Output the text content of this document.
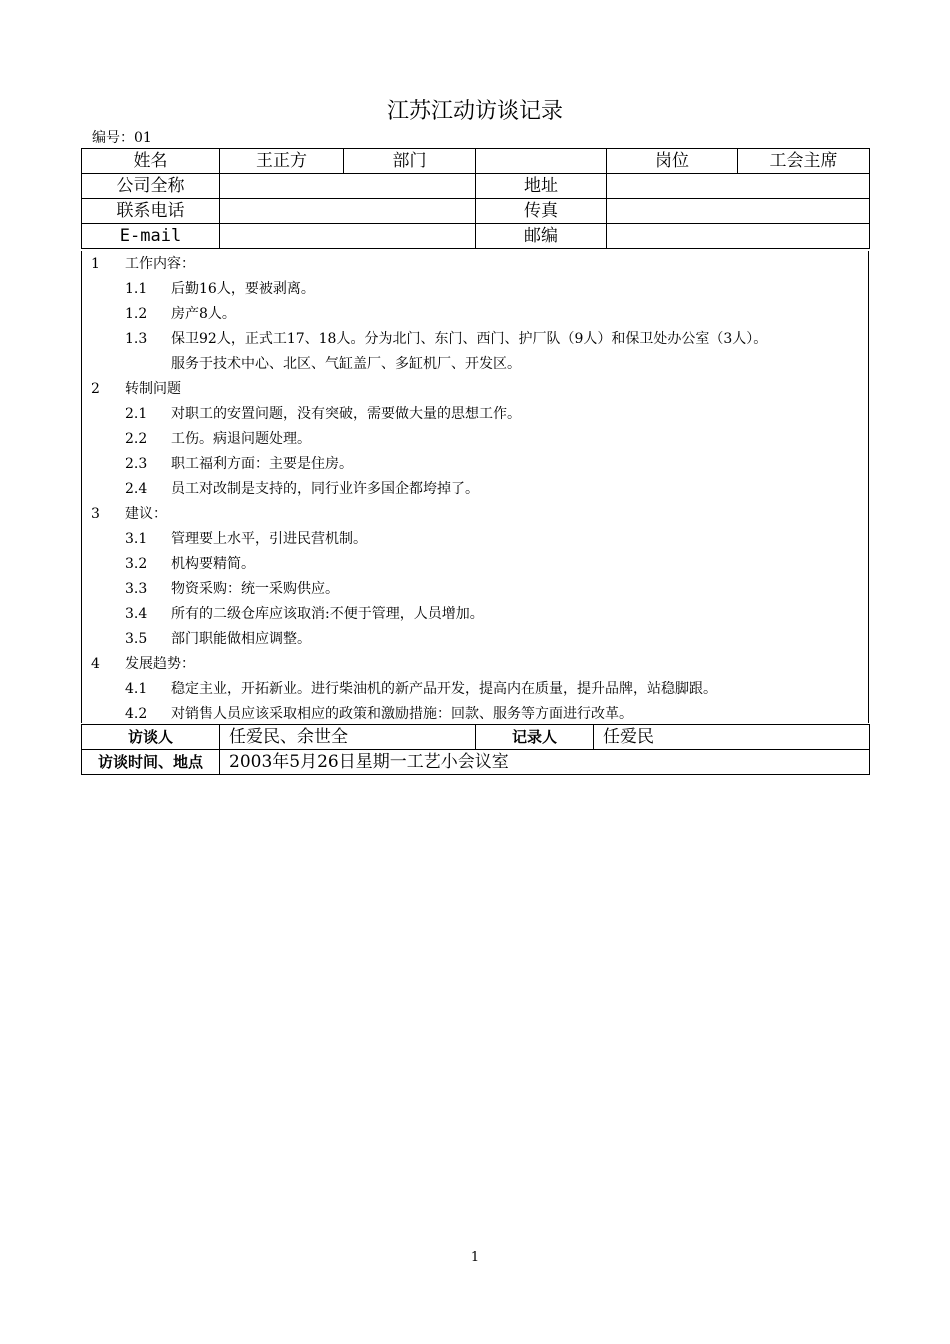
江苏江动访谈记录
编号：01
姓名	王正方	部门		岗位	工会主席
公司全称			地址		
联系电话			传真		
E-mail			邮编		
1 工作内容：
1.1 后勤16人，要被剥离。
1.2 房产8人。
1.3 保卫92人，正式工17、18人。分为北门、东门、西门、护厂队（9人）和保卫处办公室（3人）。
服务于技术中心、北区、气缸盖厂、多缸机厂、开发区。
2 转制问题
2.1 对职工的安置问题，没有突破，需要做大量的思想工作。
2.2 工伤。病退问题处理。
2.3 职工福利方面：主要是住房。
2.4 员工对改制是支持的，同行业许多国企都垮掉了。
3 建议：
3.1 管理要上水平，引进民营机制。
3.2 机构要精简。
3.3 物资采购：统一采购供应。
3.4 所有的二级仓库应该取消:不便于管理，人员增加。
3.5 部门职能做相应调整。
4 发展趋势：
4.1 稳定主业，开拓新业。进行柴油机的新产品开发，提高内在质量，提升品牌，站稳脚跟。
4.2 对销售人员应该采取相应的政策和激励措施：回款、服务等方面进行改革。
访谈人	任爱民、余世全	记录人	任爱民
访谈时间、地点	2003年5月26日星期一工艺小会议室		
1
